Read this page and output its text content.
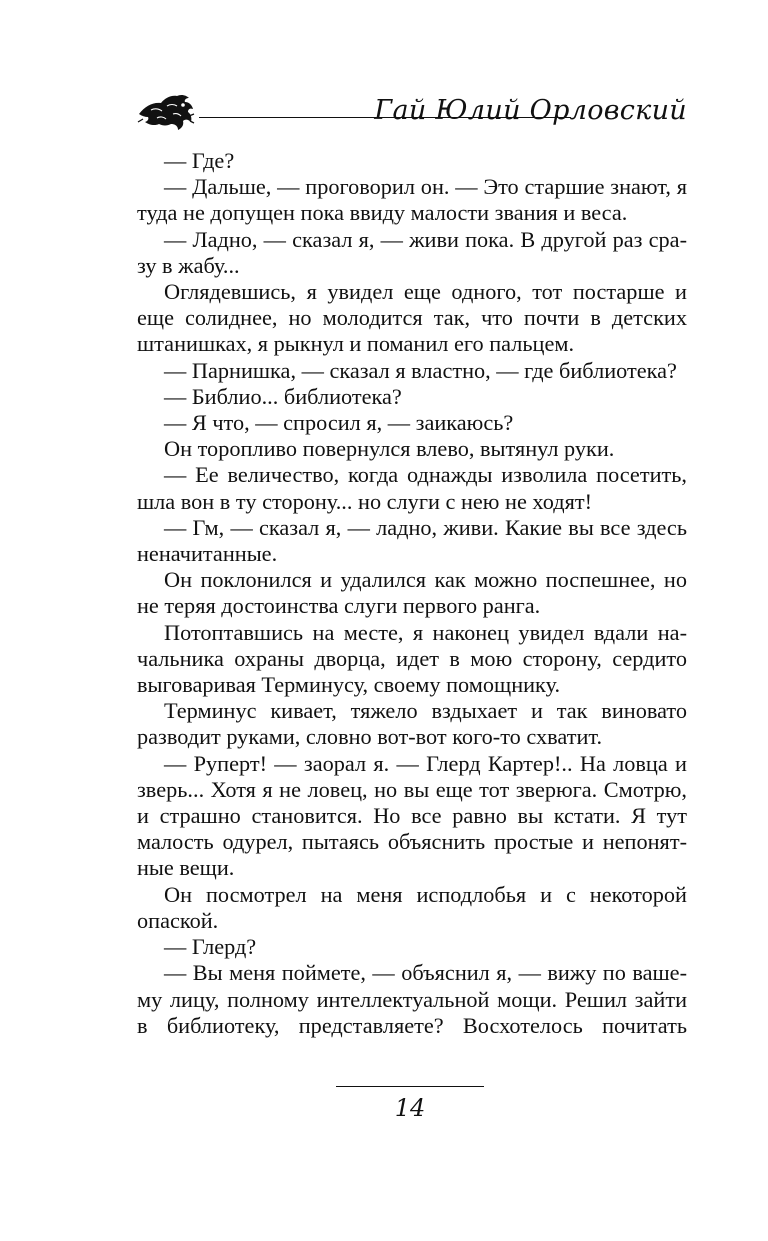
Гай Юлий Орловский

— Где?

— Дальше, — проговорил он. — Это старшие знают, я туда не допущен пока ввиду малости звания и веса.

— Ладно, — сказал я, — живи пока. В другой раз сразу в жабу...

Оглядевшись, я увидел еще одного, тот постарше и еще солиднее, но молодится так, что почти в детских штанишках, я рыкнул и поманил его пальцем.

— Парнишка, — сказал я властно, — где библиотека?

— Библио... библиотека?

— Я что, — спросил я, — заикаюсь?

Он торопливо повернулся влево, вытянул руки.

— Ее величество, когда однажды изволила посетить, шла вон в ту сторону... но слуги с нею не ходят!

— Гм, — сказал я, — ладно, живи. Какие вы все здесь неначитанные.

Он поклонился и удалился как можно поспешнее, но не теряя достоинства слуги первого ранга.

Потоптавшись на месте, я наконец увидел вдали начальника охраны дворца, идет в мою сторону, сердито выговаривая Терминусу, своему помощнику.

Терминус кивает, тяжело вздыхает и так виновато разводит руками, словно вот-вот кого-то схватит.

— Руперт! — заорал я. — Глерд Картер!.. На ловца и зверь... Хотя я не ловец, но вы еще тот зверюга. Смотрю, и страшно становится. Но все равно вы кстати. Я тут малость одурел, пытаясь объяснить простые и непонятные вещи.

Он посмотрел на меня исподлобья и с некоторой опаской.

— Глерд?

— Вы меня поймете, — объяснил я, — вижу по вашему лицу, полному интеллектуальной мощи. Решил зайти в библиотеку, представляете? Восхотелось почитать

14
